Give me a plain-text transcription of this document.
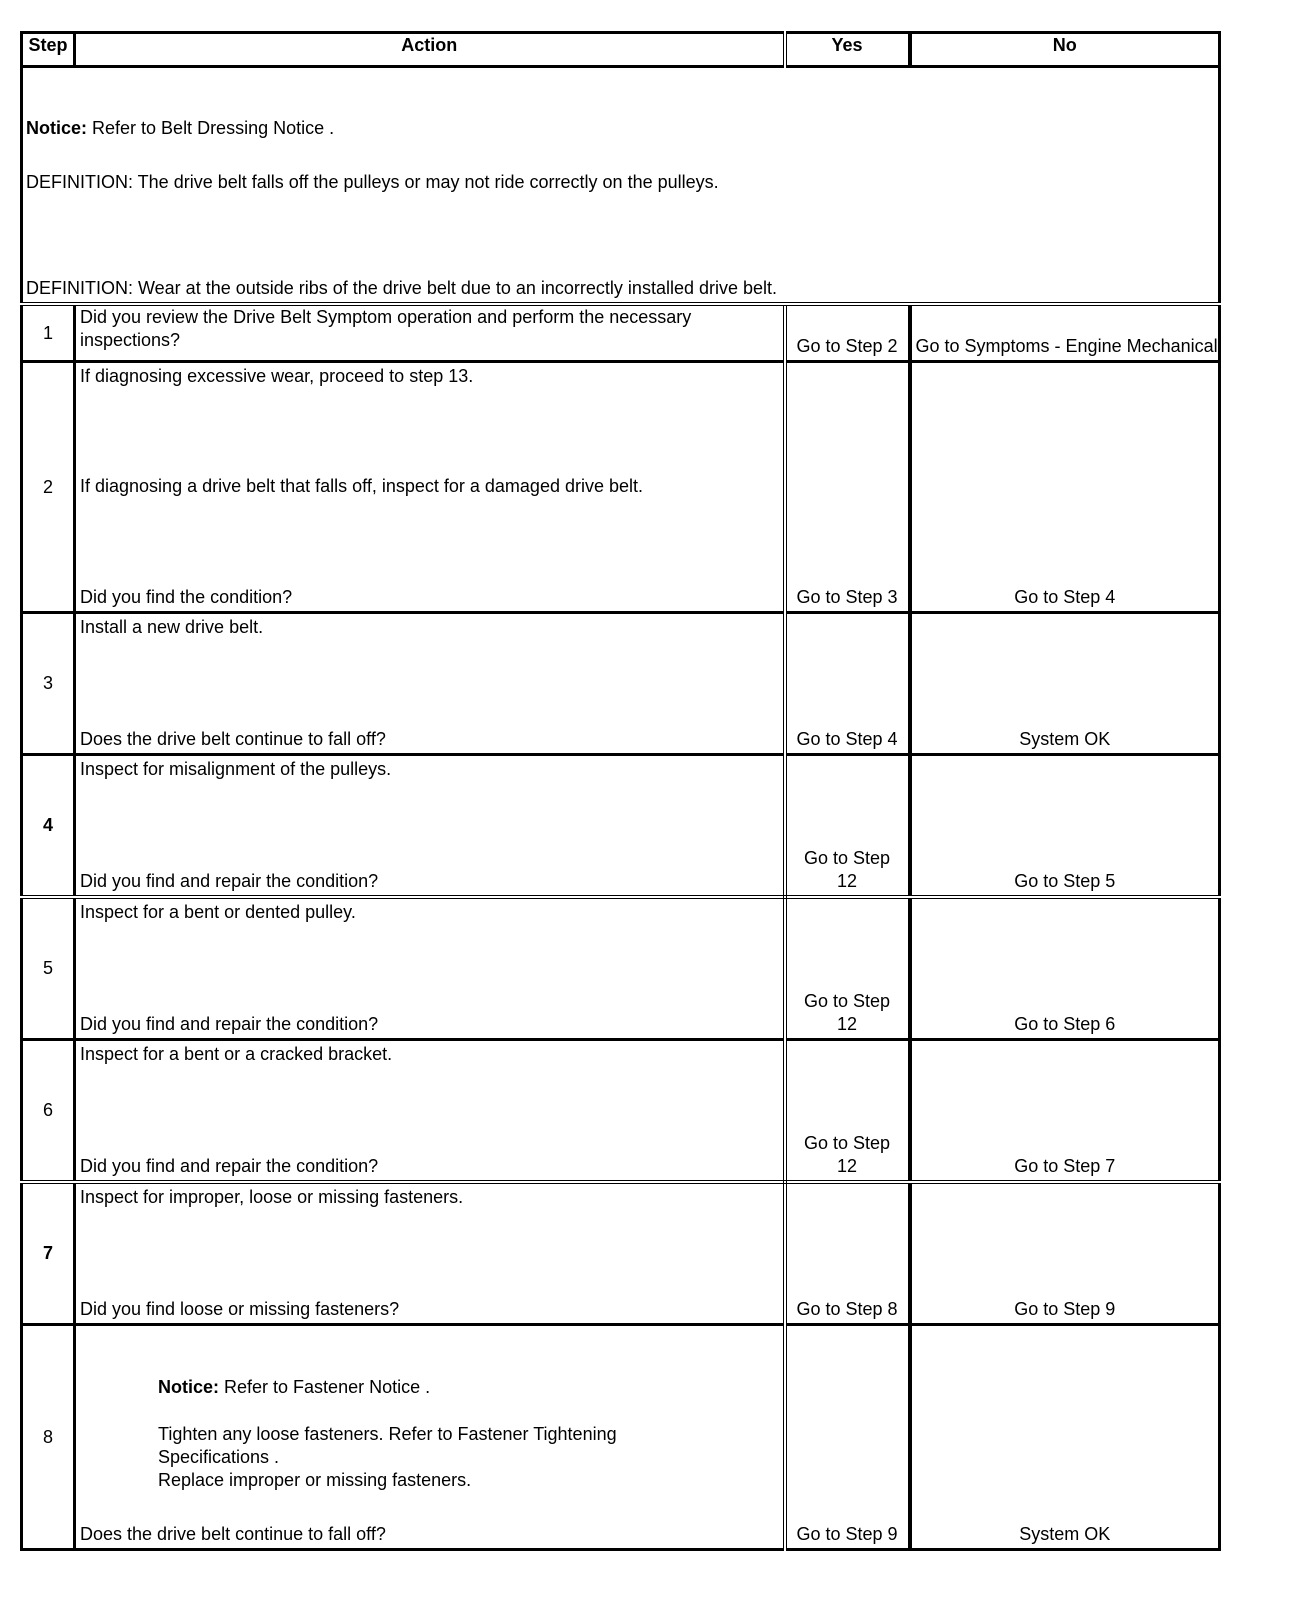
Step	Action	Yes	No

Notice: Refer to Belt Dressing Notice .
DEFINITION: The drive belt falls off the pulleys or may not ride correctly on the pulleys.
DEFINITION: Wear at the outside ribs of the drive belt due to an incorrectly installed drive belt.			

1	Did you review the Drive Belt Symptom operation and perform the necessary inspections?	Go to Step 2	Go to Symptoms - Engine Mechanical
2	If diagnosing excessive wear, proceed to step 13.
If diagnosing a drive belt that falls off, inspect for a damaged drive belt.
Did you find the condition?	Go to Step 3	Go to Step 4
3	Install a new drive belt.
Does the drive belt continue to fall off?	Go to Step 4	System OK
4	Inspect for misalignment of the pulleys.
Did you find and repair the condition?	Go to Step 12	Go to Step 5
5	Inspect for a bent or dented pulley.
Did you find and repair the condition?	Go to Step 12	Go to Step 6
6	Inspect for a bent or a cracked bracket.
Did you find and repair the condition?	Go to Step 12	Go to Step 7
7	Inspect for improper, loose or missing fasteners.
Did you find loose or missing fasteners?	Go to Step 8	Go to Step 9
8	Notice: Refer to Fastener Notice .
Tighten any loose fasteners. Refer to Fastener Tightening
Specifications .
Replace improper or missing fasteners.
Does the drive belt continue to fall off?	Go to Step 9	System OK
